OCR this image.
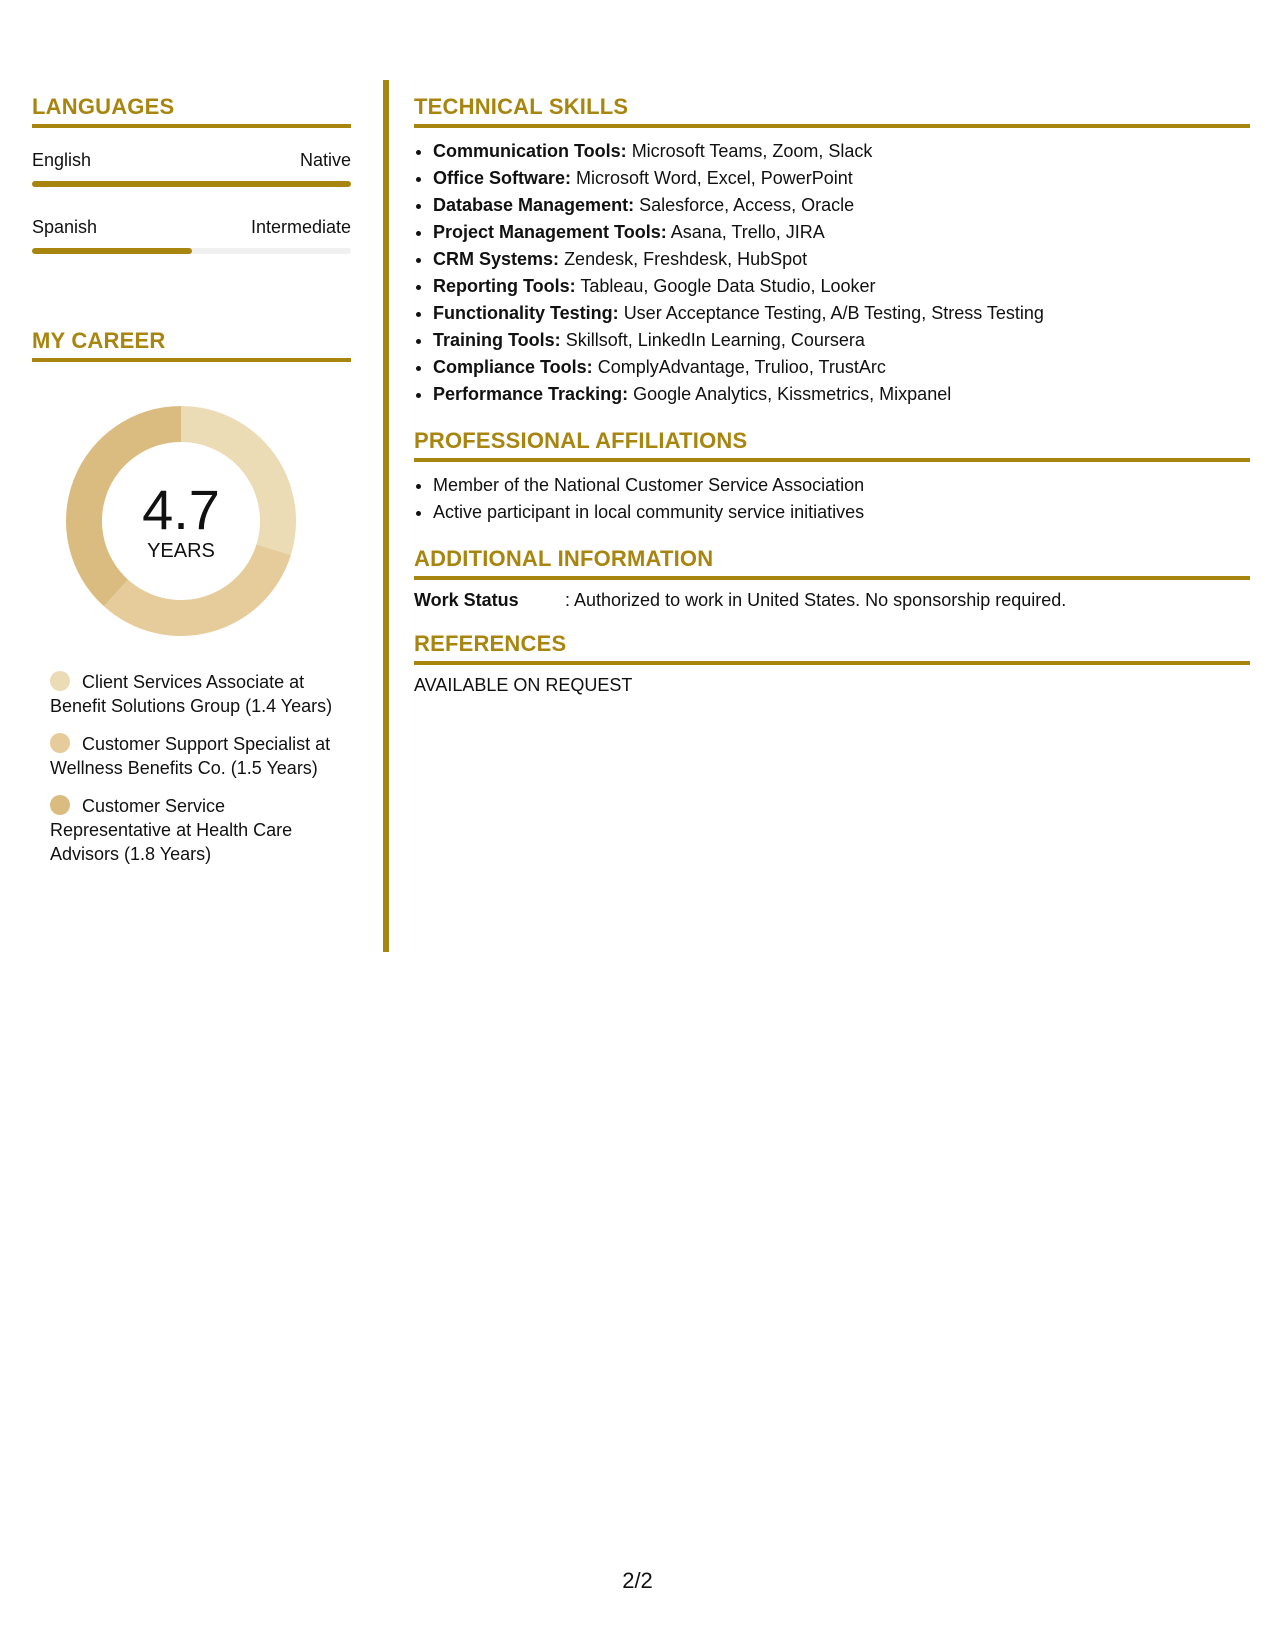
LANGUAGES
English	Native
Spanish	Intermediate
MY CAREER
4.7
YEARS
Client Services Associate at Benefit Solutions Group (1.4 Years)
Customer Support Specialist at Wellness Benefits Co. (1.5 Years)
Customer Service Representative at Health Care Advisors (1.8 Years)
TECHNICAL SKILLS
• Communication Tools: Microsoft Teams, Zoom, Slack
• Office Software: Microsoft Word, Excel, PowerPoint
• Database Management: Salesforce, Access, Oracle
• Project Management Tools: Asana, Trello, JIRA
• CRM Systems: Zendesk, Freshdesk, HubSpot
• Reporting Tools: Tableau, Google Data Studio, Looker
• Functionality Testing: User Acceptance Testing, A/B Testing, Stress Testing
• Training Tools: Skillsoft, LinkedIn Learning, Coursera
• Compliance Tools: ComplyAdvantage, Trulioo, TrustArc
• Performance Tracking: Google Analytics, Kissmetrics, Mixpanel
PROFESSIONAL AFFILIATIONS
• Member of the National Customer Service Association
• Active participant in local community service initiatives
ADDITIONAL INFORMATION
Work Status	: Authorized to work in United States. No sponsorship required.
REFERENCES
AVAILABLE ON REQUEST
2/2
